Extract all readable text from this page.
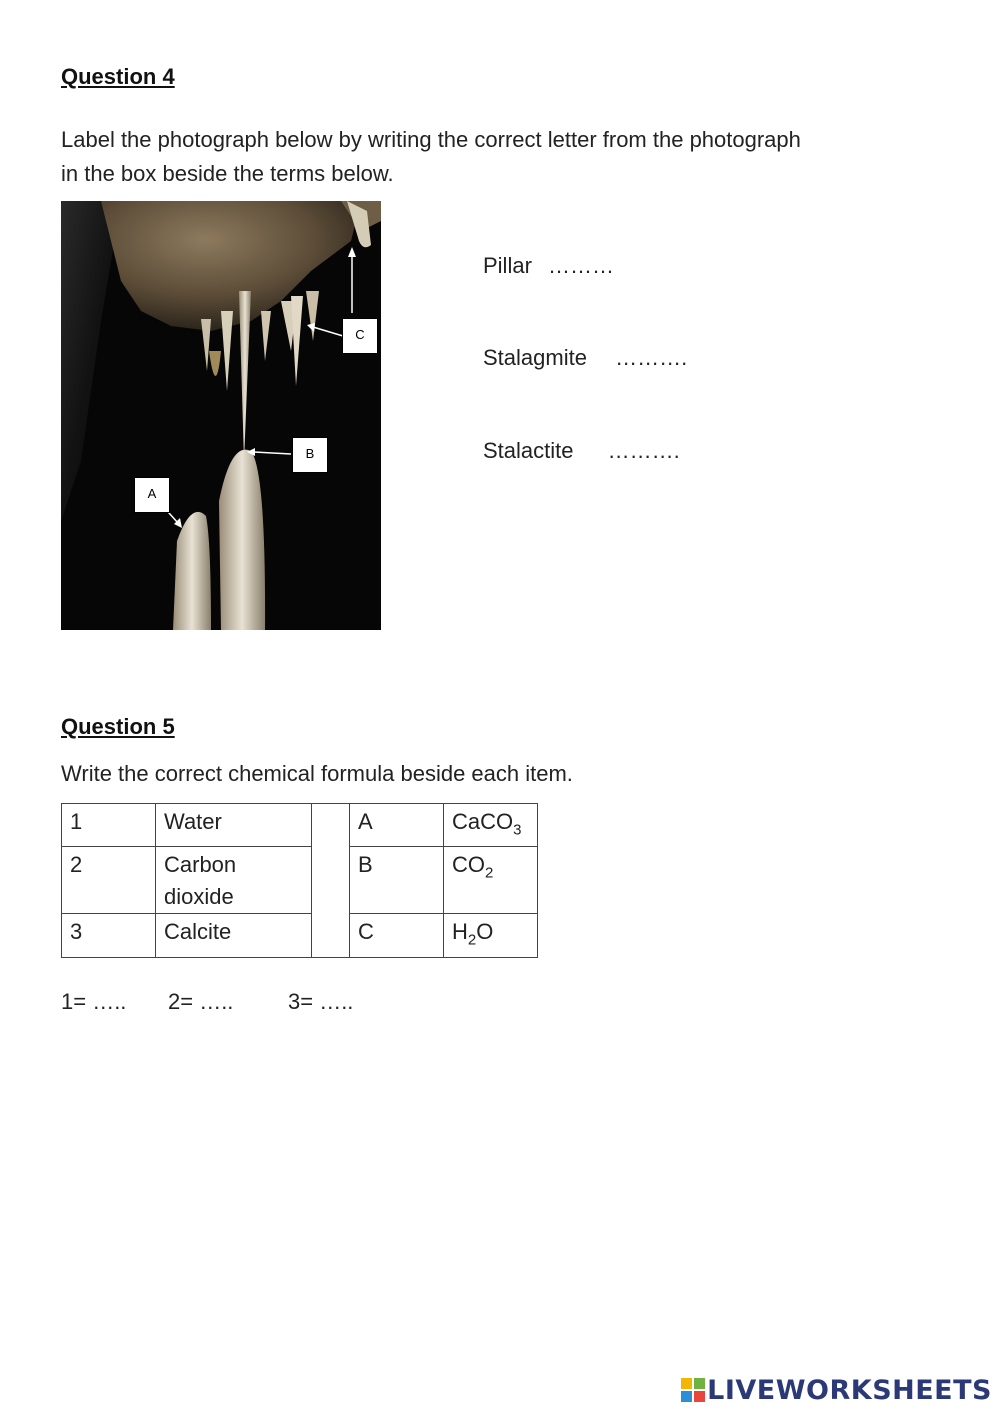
Question 4
Label the photograph below by writing the correct letter from the photograph
in the box beside the terms below.
C
B
A
Pillar ………
Stalagmite ……….
Stalactite ……….
Question 5
Write the correct chemical formula beside each item.
1	Water		A	CaCO$_3$
2	Carbon dioxide		B	$CO_2$
3	Calcite		C	$H_2O$
1= ….. 2= ….. 3= …..
LIVEWORKSHEETS
